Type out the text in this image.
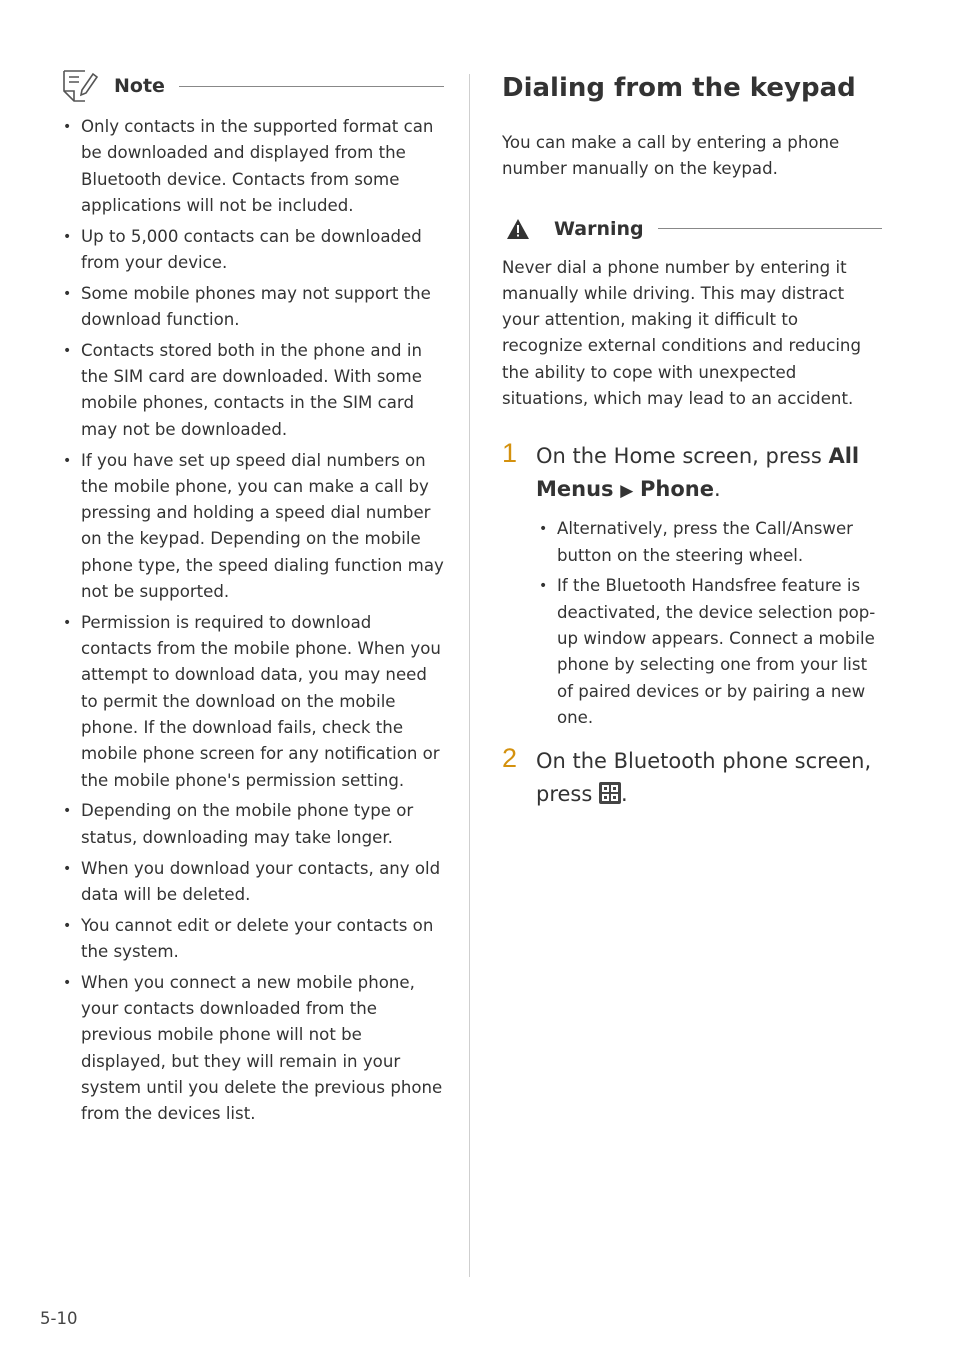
Note
• Only contacts in the supported format can be downloaded and displayed from the Bluetooth device. Contacts from some applications will not be included.
• Up to 5,000 contacts can be downloaded from your device.
• Some mobile phones may not support the download function.
• Contacts stored both in the phone and in the SIM card are downloaded. With some mobile phones, contacts in the SIM card may not be downloaded.
• If you have set up speed dial numbers on the mobile phone, you can make a call by pressing and holding a speed dial number on the keypad. Depending on the mobile phone type, the speed dialing function may not be supported.
• Permission is required to download contacts from the mobile phone. When you attempt to download data, you may need to permit the download on the mobile phone. If the download fails, check the mobile phone screen for any notification or the mobile phone's permission setting.
• Depending on the mobile phone type or status, downloading may take longer.
• When you download your contacts, any old data will be deleted.
• You cannot edit or delete your contacts on the system.
• When you connect a new mobile phone, your contacts downloaded from the previous mobile phone will not be displayed, but they will remain in your system until you delete the previous phone from the devices list.
Dialing from the keypad

You can make a call by entering a phone number manually on the keypad.

Warning

Never dial a phone number by entering it manually while driving. This may distract your attention, making it difficult to recognize external conditions and reducing the ability to cope with unexpected situations, which may lead to an accident.

1 On the Home screen, press All Menus ▶ Phone.
• Alternatively, press the Call/Answer button on the steering wheel.
• If the Bluetooth Handsfree feature is deactivated, the device selection pop-up window appears. Connect a mobile phone by selecting one from your list of paired devices or by pairing a new one.
2 On the Bluetooth phone screen, press .
5-10
